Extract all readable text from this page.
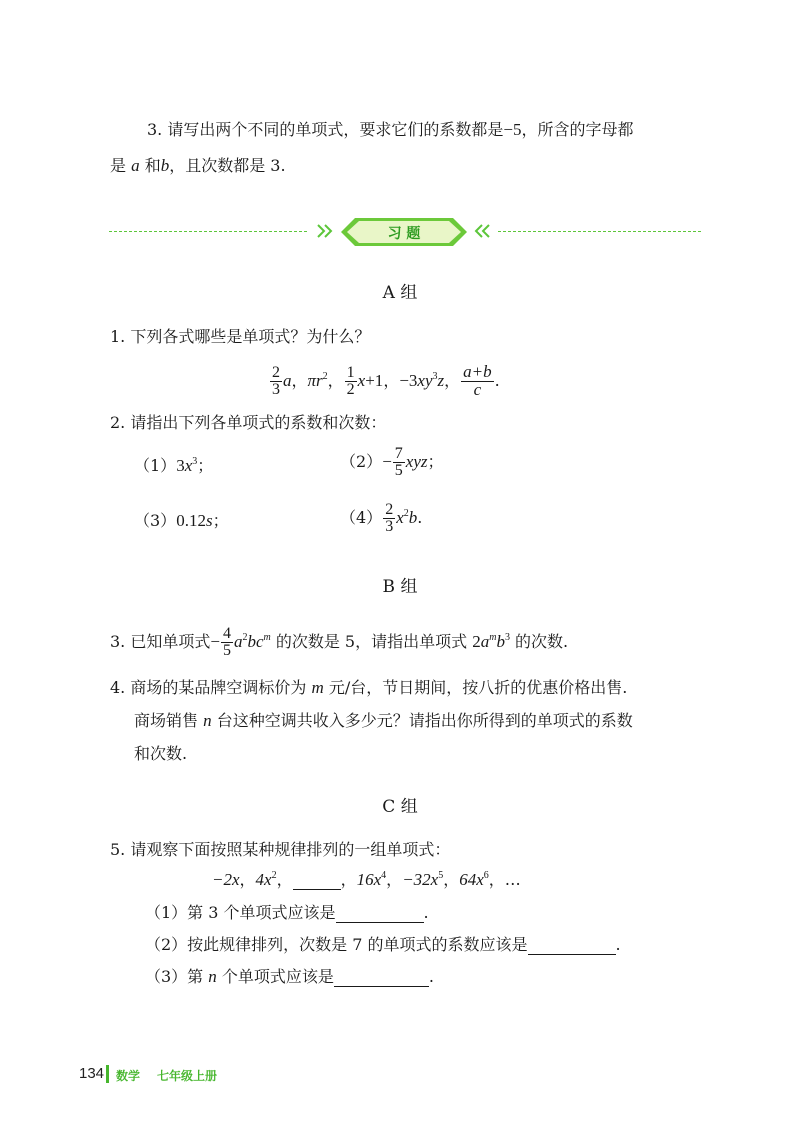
3. 请写出两个不同的单项式，要求它们的系数都是−5，所含的字母都
是 a 和b，且次数都是 3.
习 题
A 组
1. 下列各式哪些是单项式？为什么？
$\frac{2}{3}$ a，$\pi r^2$， $\frac{1}{2} x+1$，$-3xy^3z$， $\frac{a+b}{c}$ .
2. 请指出下列各单项式的系数和次数：
$(1)3x^3$；	$(2)- \frac{7}{5}$ xyz；
（3）0.12s；	$(4) \frac{2}{3} x^2b$.
B 组
3. 已知单项式− $\frac{4}{5} a^2bc^m$ 的次数是 5，请指出单项式 $2a^mb^3$ 的次数.
4. 商场的某品牌空调标价为 m 元/台，节日期间，按八折的优惠价格出售.
商场销售 n 台这种空调共收入多少元？请指出你所得到的单项式的系数
和次数.
C 组
5. 请观察下面按照某种规律排列的一组单项式：
−2x，$4x^2$，	，$16x^4$，$-32x^5$，$64x^6$，…
（1）第 3 个单项式应该是	.
（2）按此规律排列，次数是 7 的单项式的系数应该是	.
（3）第 n 个单项式应该是	.
134 数学 七年级上册
